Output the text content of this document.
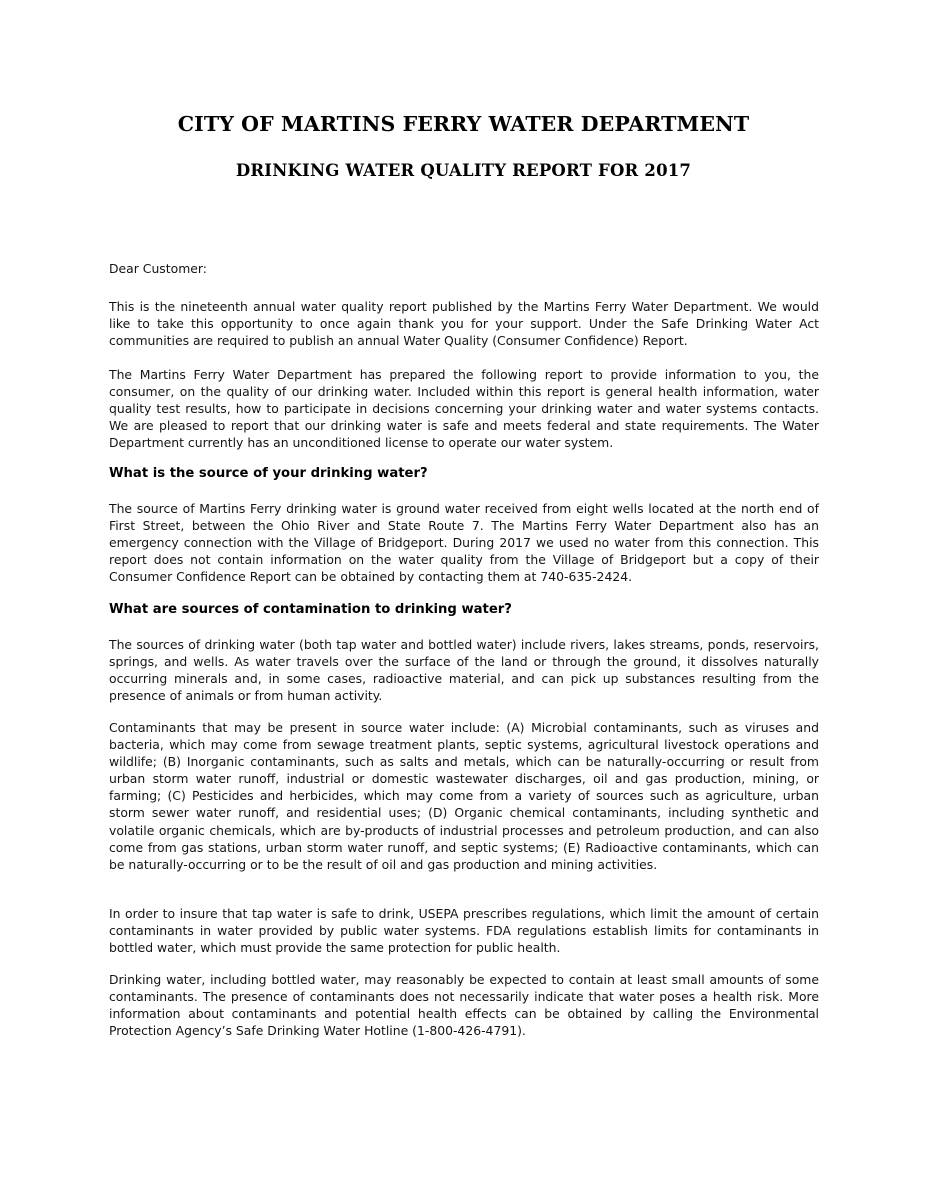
CITY OF MARTINS FERRY WATER DEPARTMENT
DRINKING WATER QUALITY REPORT FOR 2017

Dear Customer:

This is the nineteenth annual water quality report published by the Martins Ferry Water Department. We would like to take this opportunity to once again thank you for your support. Under the Safe Drinking Water Act communities are required to publish an annual Water Quality (Consumer Confidence) Report.

The Martins Ferry Water Department has prepared the following report to provide information to you, the consumer, on the quality of our drinking water. Included within this report is general health information, water quality test results, how to participate in decisions concerning your drinking water and water systems contacts. We are pleased to report that our drinking water is safe and meets federal and state requirements. The Water Department currently has an unconditioned license to operate our water system.

What is the source of your drinking water?

The source of Martins Ferry drinking water is ground water received from eight wells located at the north end of First Street, between the Ohio River and State Route 7. The Martins Ferry Water Department also has an emergency connection with the Village of Bridgeport. During 2017 we used no water from this connection. This report does not contain information on the water quality from the Village of Bridgeport but a copy of their Consumer Confidence Report can be obtained by contacting them at 740-635-2424.

What are sources of contamination to drinking water?

The sources of drinking water (both tap water and bottled water) include rivers, lakes streams, ponds, reservoirs, springs, and wells. As water travels over the surface of the land or through the ground, it dissolves naturally occurring minerals and, in some cases, radioactive material, and can pick up substances resulting from the presence of animals or from human activity.

Contaminants that may be present in source water include: (A) Microbial contaminants, such as viruses and bacteria, which may come from sewage treatment plants, septic systems, agricultural livestock operations and wildlife; (B) Inorganic contaminants, such as salts and metals, which can be naturally-occurring or result from urban storm water runoff, industrial or domestic wastewater discharges, oil and gas production, mining, or farming; (C) Pesticides and herbicides, which may come from a variety of sources such as agriculture, urban storm sewer water runoff, and residential uses; (D) Organic chemical contaminants, including synthetic and volatile organic chemicals, which are by-products of industrial processes and petroleum production, and can also come from gas stations, urban storm water runoff, and septic systems; (E) Radioactive contaminants, which can be naturally-occurring or to be the result of oil and gas production and mining activities.

In order to insure that tap water is safe to drink, USEPA prescribes regulations, which limit the amount of certain contaminants in water provided by public water systems. FDA regulations establish limits for contaminants in bottled water, which must provide the same protection for public health.

Drinking water, including bottled water, may reasonably be expected to contain at least small amounts of some contaminants. The presence of contaminants does not necessarily indicate that water poses a health risk. More information about contaminants and potential health effects can be obtained by calling the Environmental Protection Agency’s Safe Drinking Water Hotline (1-800-426-4791).
